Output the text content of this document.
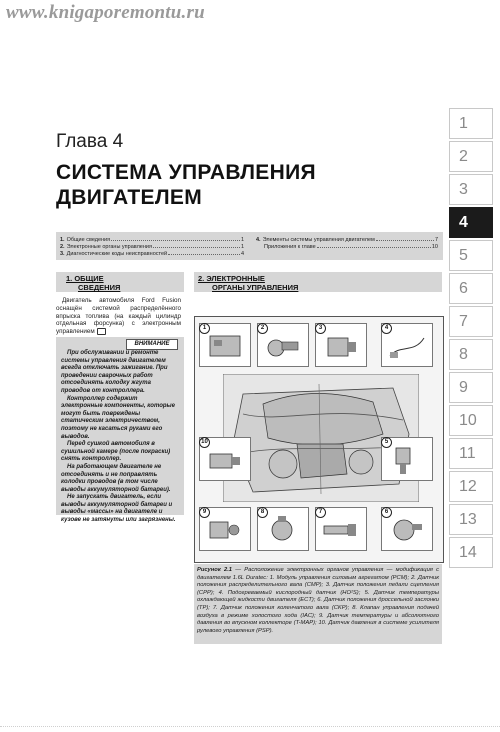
www.knigaporemontu.ru
Глава 4
СИСТЕМА УПРАВЛЕНИЯ
ДВИГАТЕЛЕМ
1. Общие сведения	1
2. Электронные органы управления	1
3. Диагностические коды неисправностей	4
4. Элементы системы управления двигателем	7
Приложения к главе	10
1. ОБЩИЕ
СВЕДЕНИЯ
Двигатель автомобиля Ford Fusion оснащён системой распределённого впрыска топлива (на каждый цилиндр отдельная форсунка) с электронным управлением
ВНИМАНИЕ

При обслуживании и ремонте системы управления двигателем всегда отключать зажигание. При проведении сварочных работ отсоединять колодку жгута проводов от контроллера.

Контроллер содержит электронные компоненты, которые могут быть повреждены статическим электричеством, поэтому не касаться руками его выводов.

Перед сушкой автомобиля в сушильной камере (после покраски) снять контроллер.

На работающем двигателе не отсоединять и не поправлять колодки проводов (в том числе выводы аккумуляторной батареи).

Не запускать двигатель, если выводы аккумуляторной батареи и выводы «массы» на двигателе и кузове не затянуты или загрязнены.

2. ЭЛЕКТРОННЫЕ
ОРГАНЫ УПРАВЛЕНИЯ
1	2	3	4
10	5
9	8	7	6
Рисунок 2.1 — Расположение электронных органов управления — модификация с двигателем 1.6L Duratec: 1. Модуль управления силовым агрегатом (PCM); 2. Датчик положения распределительного вала (CMP); 3. Датчик положения педали сцепления (CPP); 4. Подогреваемый кислородный датчик (HO²S); 5. Датчик температуры охлаждающей жидкости двигателя (ECT); 6. Датчик положения дроссельной заслонки (TP); 7. Датчик положения коленчатого вала (CKP); 8. Клапан управления подачей воздуха в режиме холостого хода (IAC); 9. Датчик температуры и абсолютного давления во впускном коллекторе (T-MAP); 10. Датчик давления в системе усилителя рулевого управления (PSP).
1
2
3
4
5
6
7
8
9
10
11
12
13
14
